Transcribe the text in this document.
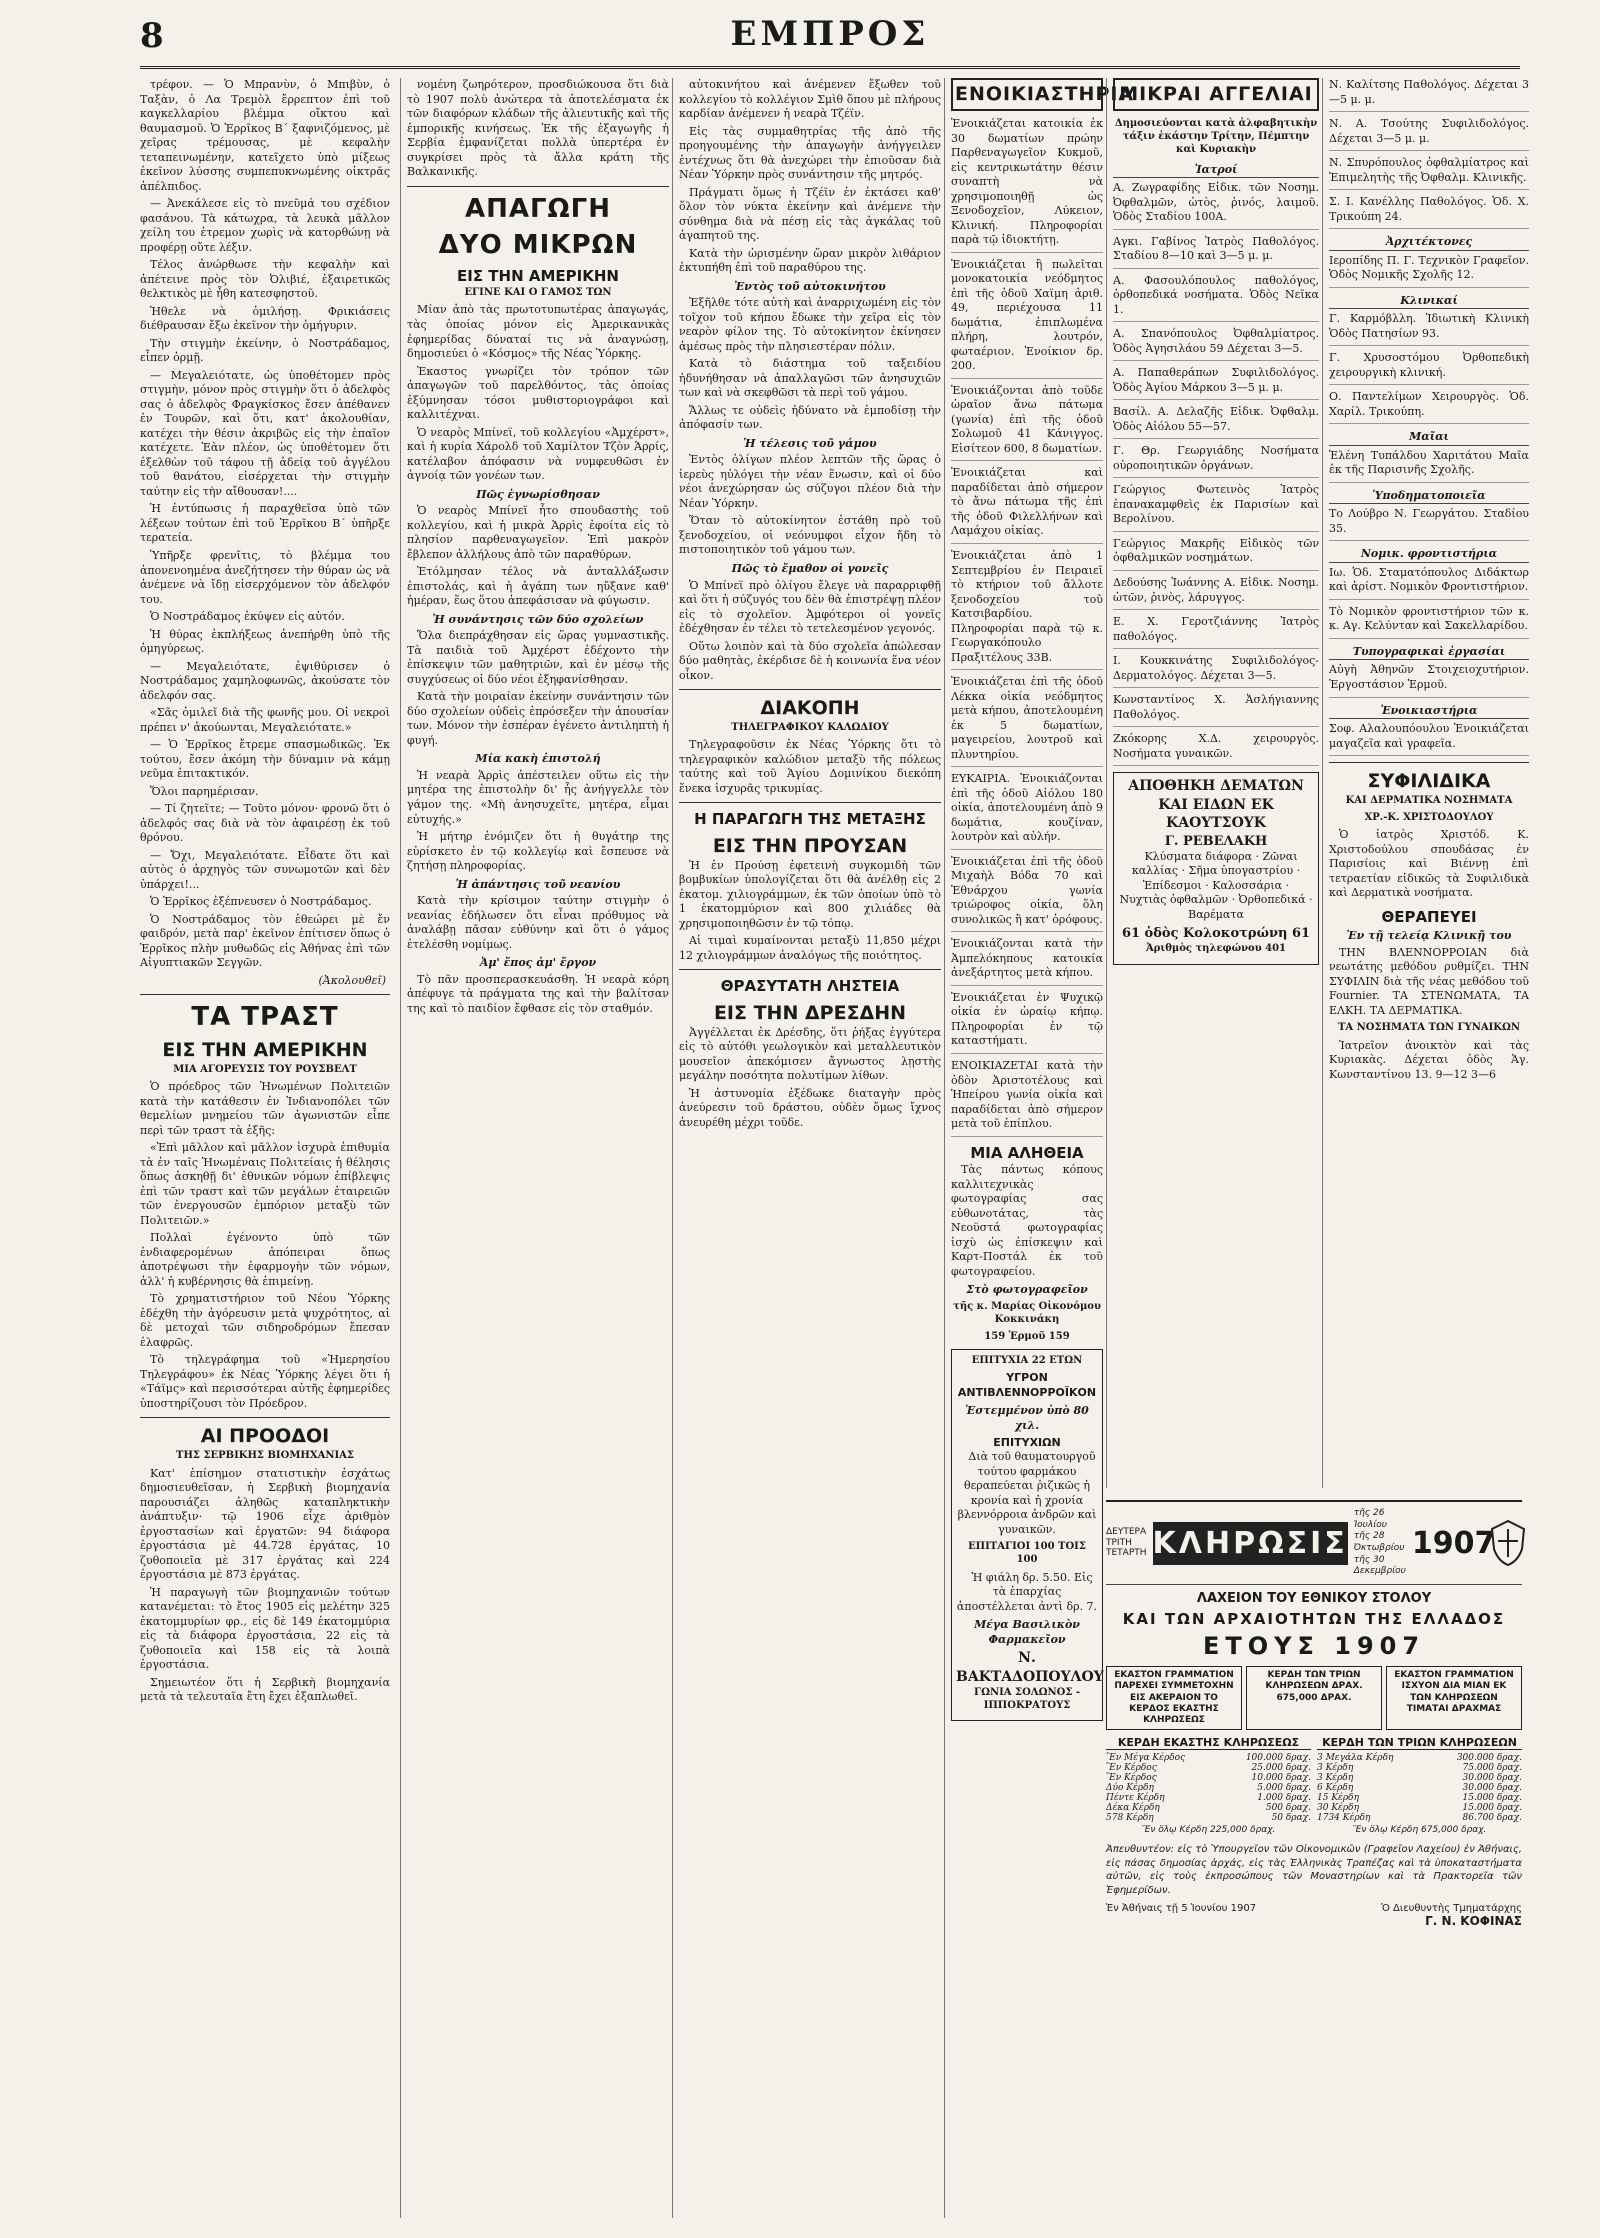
8	ΕΜΠΡΟΣ

τρέφον. — Ὁ Μπρανὺν, ὁ Μπιβὺν, ὁ Ταξὰν, ὁ Λα Τρεμὸλ ἔρρεπτον ἐπὶ τοῦ καγκελλαρίου βλέμμα οἴκτου καὶ θαυμασμοῦ. Ὁ Ἐρρῖκος Β΄ ξαφνιζόμενος, μὲ χεῖρας τρέμουσας, μὲ κεφαλὴν τεταπεινωμένην, κατεῖχετο ὑπὸ μίξεως ἐκεῖνον λύσσης συμπεπυκνωμένης οἰκτρᾶς ἀπέλπιδος.

— Ἀνεκάλεσε εἰς τὸ πνεῦμά του σχέδιον φασάνου. Τὰ κάτωχρα, τὰ λευκὰ μᾶλλον χείλη του ἐτρεμον χωρὶς νὰ κατορθώνῃ νὰ προφέρῃ οὔτε λέξιν.

Τέλος ἀνώρθωσε τὴν κεφαλὴν καὶ ἀπέτεινε πρὸς τὸν Ὀλιβιέ, ἐξαιρετικῶς θελκτικὸς μὲ ἦθη κατεσφηστοῦ.

Ἠθελε νὰ ὁμιλήσῃ. Φρικιάσεις διέθραυσαν ἔξω ἐκεῖνον τὴν ὁμήγυριν.

Τὴν στιγμὴν ἐκείνην, ὁ Νοστράδαμος, εἶπεν ὁρμῇ.

— Μεγαλειότατε, ὡς ὑποθέτομεν πρὸς στιγμὴν, μόνον πρὸς στιγμὴν ὅτι ὁ ἀδελφὸς σας ὁ ἀδελφὸς Φραγκίσκος ἔσεν ἀπέθανεν ἐν Τουρῶν, καὶ ὅτι, κατ' ἀκολουθίαν, κατέχει τὴν θέσιν ἀκριβῶς εἰς τὴν ἐπαῖον κατέχετε. Ἐὰν πλέον, ὡς ὑποθέτομεν ὅτι ἐξελθὼν τοῦ τάφου τῇ ἀδείᾳ τοῦ ἀγγέλου τοῦ θανάτου, εἰσέρχεται τὴν στιγμὴν ταύτην εἰς τὴν αἴθουσαν!....

Ἡ ἐντύπωσις ἡ παραχθεῖσα ὑπὸ τῶν λέξεων τούτων ἐπὶ τοῦ Ἐρρῖκου Β΄ ὑπῆρξε τερατεία.

Ὑπῆρξε φρενῖτις, τὸ βλέμμα του ἀπονενοημένα ἀνεζήτησεν τὴν θύραν ὡς νὰ ἀνέμενε νὰ ἴδῃ εἰσερχόμενον τὸν ἀδελφόν του.

Ὁ Νοστράδαμος ἐκύψεν εἰς αὐτόν.

Ἡ θύρας ἐκπλήξεως ἀνεπήρθη ὑπὸ τῆς ὁμηγύρεως.

— Μεγαλειότατε, ἐψιθύρισεν ὁ Νοστράδαμος χαμηλοφωνῶς, ἀκούσατε τὸν ἀδελφόν σας.

«Σᾶς ὁμιλεῖ διὰ τῆς φωνῆς μου. Οἱ νεκροὶ πρέπει ν' ἀκούωνται, Μεγαλειότατε.»

— Ὁ Ἐρρῖκος ἔτρεμε σπασμωδικῶς. Ἐκ τούτου, ἔσεν ἀκόμη τὴν δύναμιν νὰ κάμῃ νεῦμα ἐπιτακτικόν.

Ὅλοι παρημέρισαν.

— Τί ζητεῖτε; — Τοῦτο μόνον· φρονῶ ὅτι ὁ ἀδελφός σας διὰ νὰ τὸν ἀφαιρέσῃ ἐκ τοῦ θρόνου.

— Ὄχι, Μεγαλειότατε. Εἶδατε ὅτι καὶ αὐτὸς ὁ ἀρχηγὸς τῶν συνωμοτῶν καὶ δὲν ὑπάρχει!...

Ὁ Ἐρρῖκος ἐξέπνευσεν ὁ Νοστράδαμος.

Ὁ Νοστράδαμος τὸν ἐθεώρει μὲ ἔν φαιδρόν, μετὰ παρ' ἐκεῖνον ἐπίτισεν ὅπως ὁ Ἐρρῖκος πλὴν μυθωδῶς εἰς Ἀθήνας ἐπὶ τῶν Αἰγυπτιακῶν Σεγγῶν.

(Ἀκολουθεῖ)
ΤΑ ΤΡΑΣΤ
ΕΙΣ ΤΗΝ ΑΜΕΡΙΚΗΝ
ΜΙΑ ΑΓΟΡΕΥΣΙΣ ΤΟΥ ΡΟΥΣΒΕΛΤ

Ὁ πρόεδρος τῶν Ἡνωμένων Πολιτειῶν κατὰ τὴν κατάθεσιν ἐν Ἰνδιανοπόλει τῶν θεμελίων μνημείου τῶν ἀγωνιστῶν εἶπε περὶ τῶν τραστ τὰ ἐξῆς:

«Ἐπὶ μᾶλλον καὶ μᾶλλον ἰσχυρὰ ἐπιθυμία τὰ ἐν ταῖς Ἡνωμέναις Πολιτείαις ἡ θέλησις ὅπως ἀσκηθῇ δι' ἐθνικῶν νόμων ἐπίβλεψις ἐπὶ τῶν τραστ καὶ τῶν μεγάλων ἐταιρειῶν τῶν ἐνεργουσῶν ἐμπόριον μεταξὺ τῶν Πολιτειῶν.»

Πολλαὶ ἐγένοντο ὑπὸ τῶν ἐνδιαφερομένων ἀπόπειραι ὅπως ἀποτρέψωσι τὴν ἐφαρμογὴν τῶν νόμων, ἀλλ' ἡ κυβέρνησις θὰ ἐπιμείνῃ.

Τὸ χρηματιστήριον τοῦ Νέου Ὑόρκης ἐδέχθη τὴν ἀγόρευσιν μετὰ ψυχρότητος, αἱ δὲ μετοχαὶ τῶν σιδηροδρόμων ἔπεσαν ἐλαφρῶς.

Τὸ τηλεγράφημα τοῦ «Ἡμερησίου Τηλεγράφου» ἐκ Νέας Ὑόρκης λέγει ὅτι ἡ «Τάϊμς» καὶ περισσότεραι αὐτῆς ἐφημερίδες ὑποστηρίζουσι τὸν Πρόεδρον.

ΑΙ ΠΡΟΟΔΟΙ
ΤΗΣ ΣΕΡΒΙΚΗΣ ΒΙΟΜΗΧΑΝΙΑΣ

Κατ' ἐπίσημον στατιστικὴν ἐσχάτως δημοσιευθεῖσαν, ἡ Σερβικὴ βιομηχανία παρουσιάζει ἀληθῶς καταπληκτικὴν ἀνάπτυξιν· τῷ 1906 εἶχε ἀριθμὸν ἐργοστασίων καὶ ἐργατῶν: 94 διάφορα ἐργοστάσια μὲ 44.728 ἐργάτας, 10 ζυθοποιεῖα μὲ 317 ἐργάτας καὶ 224 ἐργοστάσια μὲ 873 ἐργάτας.

Ἡ παραγωγὴ τῶν βιομηχανιῶν τούτων κατανέμεται: τὸ ἔτος 1905 εἰς μελέτην 325 ἑκατομμυρίων φρ., εἰς δὲ 149 ἑκατομμύρια εἰς τὰ διάφορα ἐργοστάσια, 22 εἰς τὰ ζυθοποιεῖα καὶ 158 εἰς τὰ λοιπὰ ἐργοστάσια.

Σημειωτέον ὅτι ἡ Σερβικὴ βιομηχανία μετὰ τὰ τελευταῖα ἔτη ἔχει ἐξαπλωθεῖ.

νομένη ζωηρότερον, προσδιώκουσα ὅτι διὰ τὸ 1907 πολὺ ἀνώτερα τὰ ἀποτελέσματα ἐκ τῶν διαφόρων κλάδων τῆς ἀλιευτικῆς καὶ τῆς ἐμπορικῆς κινήσεως. Ἐκ τῆς ἐξαγωγῆς ἡ Σερβία ἐμφανίζεται πολλὰ ὑπερτέρα ἐν συγκρίσει πρὸς τὰ ἄλλα κράτη τῆς Βαλκανικῆς.

ΑΠΑΓΩΓΗ
ΔΥΟ ΜΙΚΡΩΝ
ΕΙΣ ΤΗΝ ΑΜΕΡΙΚΗΝ
ΕΓΙΝΕ ΚΑΙ Ο ΓΑΜΟΣ ΤΩΝ

Μίαν ἀπὸ τὰς πρωτοτυπωτέρας ἀπαγωγάς, τὰς ὁποίας μόνον εἰς Ἀμερικανικὰς ἐφημερίδας δύναταί τις νὰ ἀναγνώσῃ, δημοσιεύει ὁ «Κόσμος» τῆς Νέας Ὑόρκης.

Ἐκαστος γνωρίζει τὸν τρόπον τῶν ἀπαγωγῶν τοῦ παρελθόντος, τὰς ὁποίας ἐξύμνησαν τόσοι μυθιστοριογράφοι καὶ καλλιτέχναι.

Ὁ νεαρὸς Μπίνεϊ, τοῦ κολλεγίου «Ἀμχέρστ», καὶ ἡ κυρία Χάρολδ τοῦ Χαμίλτον Τζὸν Ἁρρίς, κατέλαβον ἀπόφασιν νὰ νυμφευθῶσι ἐν ἀγνοίᾳ τῶν γονέων των.

Πῶς ἐγνωρίσθησαν

Ὁ νεαρὸς Μπίνεϊ ἦτο σπουδαστὴς τοῦ κολλεγίου, καὶ ἡ μικρὰ Ἁρρὶς ἐφοίτα εἰς τὸ πλησίον παρθεναγωγεῖον. Ἐπὶ μακρὸν ἔβλεπον ἀλλήλους ἀπὸ τῶν παραθύρων.

Ἐτόλμησαν τέλος νὰ ἀνταλλάξωσιν ἐπιστολάς, καὶ ἡ ἀγάπη των ηὔξανε καθ' ἡμέραν, ἕως ὅτου ἀπεφάσισαν νὰ φύγωσιν.

Ἡ συνάντησις τῶν δύο σχολείων

Ὅλα διεπράχθησαν εἰς ὥρας γυμναστικῆς. Τὰ παιδιὰ τοῦ Ἀμχέρστ ἐδέχοντο τὴν ἐπίσκεψιν τῶν μαθητριῶν, καὶ ἐν μέσῳ τῆς συγχύσεως οἱ δύο νέοι ἐξηφανίσθησαν.

Κατὰ τὴν μοιραίαν ἐκείνην συνάντησιν τῶν δύο σχολείων οὐδεὶς ἐπρόσεξεν τὴν ἀπουσίαν των. Μόνον τὴν ἐσπέραν ἐγένετο ἀντιληπτὴ ἡ φυγή.

Μία κακὴ ἐπιστολή

Ἡ νεαρὰ Ἁρρὶς ἀπέστειλεν οὕτω εἰς τὴν μητέρα της ἐπιστολὴν δι' ἧς ἀνήγγελλε τὸν γάμον της. «Μὴ ἀνησυχεῖτε, μητέρα, εἶμαι εὐτυχής.»

Ἡ μήτηρ ἐνόμιζεν ὅτι ἡ θυγάτηρ της εὑρίσκετο ἐν τῷ κολλεγίῳ καὶ ἔσπευσε νὰ ζητήσῃ πληροφορίας.

Ἡ ἀπάντησις τοῦ νεανίου

Κατὰ τὴν κρίσιμον ταύτην στιγμὴν ὁ νεανίας ἐδήλωσεν ὅτι εἶναι πρόθυμος νὰ ἀναλάβῃ πᾶσαν εὐθύνην καὶ ὅτι ὁ γάμος ἐτελέσθη νομίμως.

Ἀμ' ἔπος ἀμ' ἔργον

Τὸ πᾶν προσπερασκευάσθη. Ἡ νεαρὰ κόρη ἀπέφυγε τὰ πράγματα της καὶ τὴν βαλίτσαν της καὶ τὸ παιδίον ἔφθασε εἰς τὸν σταθμόν.

αὐτοκινήτου καὶ ἀνέμενεν ἔξωθεν τοῦ κολλεγίου τὸ κολλέγιον Σμὶθ ὅπου μὲ πλήρους καρδίαν ἀνέμενεν ἡ νεαρὰ Τζέϊν.

Εἰς τὰς συμμαθητρίας τῆς ἀπὸ τῆς προηγουμένης τὴν ἀπαγωγὴν ἀνήγγειλεν ἐντέχνως ὅτι θὰ ἀνεχώρει τὴν ἐπιοῦσαν διὰ Νέαν Ὑόρκην πρὸς συνάντησιν τῆς μητρός.

Πράγματι ὅμως ἡ Τζέϊν ἐν ἐκτάσει καθ' ὅλον τὸν νύκτα ἐκείνην καὶ ἀνέμενε τὴν σύνθημα διὰ νὰ πέσῃ εἰς τὰς ἀγκάλας τοῦ ἀγαπητοῦ της.

Κατὰ τὴν ὡρισμένην ὥραν μικρὸν λιθάριον ἐκτυπήθη ἐπὶ τοῦ παραθύρου της.

Ἐντὸς τοῦ αὐτοκινήτου

Ἐξῆλθε τότε αὐτὴ καὶ ἀναρριχωμένη εἰς τὸν τοῖχον τοῦ κήπου ἔδωκε τὴν χεῖρα εἰς τὸν νεαρὸν φίλον της. Τὸ αὐτοκίνητον ἐκίνησεν ἀμέσως πρὸς τὴν πλησιεστέραν πόλιν.

Κατὰ τὸ διάστημα τοῦ ταξειδίου ἠδυνήθησαν νὰ ἀπαλλαγῶσι τῶν ἀνησυχιῶν των καὶ νὰ σκεφθῶσι τὰ περὶ τοῦ γάμου.

Ἄλλως τε οὐδεὶς ἠδύνατο νὰ ἐμποδίσῃ τὴν ἀπόφασίν των.

Ἡ τέλεσις τοῦ γάμου

Ἐντὸς ὀλίγων πλέον λεπτῶν τῆς ὥρας ὁ ἱερεὺς ηὐλόγει τὴν νέαν ἕνωσιν, καὶ οἱ δύο νέοι ἀνεχώρησαν ὡς σύζυγοι πλέον διὰ τὴν Νέαν Ὑόρκην.

Ὅταν τὸ αὐτοκίνητον ἐστάθη πρὸ τοῦ ξενοδοχείου, οἱ νεόνυμφοι εἶχον ἤδη τὸ πιστοποιητικὸν τοῦ γάμου των.

Πῶς τὸ ἔμαθον οἱ γονεῖς

Ὁ Μπίνεϊ πρὸ ὀλίγου ἔλεγε νὰ παραρριφθῇ καὶ ὅτι ἡ σύζυγός του δὲν θὰ ἐπιστρέψῃ πλέον εἰς τὸ σχολεῖον. Ἀμφότεροι οἱ γονεῖς ἐδέχθησαν ἐν τέλει τὸ τετελεσμένον γεγονός.

Οὕτω λοιπὸν καὶ τὰ δύο σχολεῖα ἀπώλεσαν δύο μαθητὰς, ἐκέρδισε δὲ ἡ κοινωνία ἕνα νέον οἶκον.

ΔΙΑΚΟΠΗ
ΤΗΛΕΓΡΑΦΙΚΟΥ ΚΑΛΩΔΙΟΥ

Τηλεγραφοῦσιν ἐκ Νέας Ὑόρκης ὅτι τὸ τηλεγραφικὸν καλώδιον μεταξὺ τῆς πόλεως ταύτης καὶ τοῦ Ἁγίου Δομινίκου διεκόπη ἕνεκα ἰσχυρᾶς τρικυμίας.

Η ΠΑΡΑΓΩΓΗ ΤΗΣ ΜΕΤΑΞΗΣ
ΕΙΣ ΤΗΝ ΠΡΟΥΣΑΝ

Ἡ ἐν Προύσῃ ἐφετεινὴ συγκομιδὴ τῶν βομβυκίων ὑπολογίζεται ὅτι θὰ ἀνέλθῃ εἰς 2 ἑκατομ. χιλιογράμμων, ἐκ τῶν ὁποίων ὑπὸ τὸ 1 ἑκατομμύριον καὶ 800 χιλιάδες θὰ χρησιμοποιηθῶσιν ἐν τῷ τόπῳ.

Αἱ τιμαὶ κυμαίνονται μεταξὺ 11,850 μέχρι 12 χιλιογράμμων ἀναλόγως τῆς ποιότητος.

ΘΡΑΣΥΤΑΤΗ ΛΗΣΤΕΙΑ
ΕΙΣ ΤΗΝ ΔΡΕΣΔΗΝ

Ἀγγέλλεται ἐκ Δρέσδης, ὅτι ῥήξας ἐγγύτερα εἰς τὸ αὐτόθι γεωλογικὸν καὶ μεταλλευτικὸν μουσεῖον ἀπεκόμισεν ἄγνωστος λῃστὴς μεγάλην ποσότητα πολυτίμων λίθων.

Ἡ ἀστυνομία ἐξέδωκε διαταγὴν πρὸς ἀνεύρεσιν τοῦ δράστου, οὐδὲν ὅμως ἴχνος ἀνευρέθη μέχρι τοῦδε.

ΕΝΟΙΚΙΑΣΤΗΡΙΑ
Ἐνοικιάζεται κατοικία ἐκ 30 δωματίων πρώην Παρθεναγωγεῖον Κυκμοῦ, εἰς κεντρικωτάτην θέσιν συναπτὴ νὰ χρησιμοποιηθῇ ὡς Ξενοδοχεῖον, Λύκειον, Κλινική. Πληροφορίαι παρὰ τῷ ἰδιοκτήτῃ.
Ἐνοικιάζεται ἢ πωλεῖται μονοκατοικία νεόδμητος ἐπὶ τῆς ὁδοῦ Χαϊμη ἀριθ. 49, περιέχουσα 11 δωμάτια, ἐπιπλωμένα πλήρη, λουτρόν, φωταέριον. Ἐνοίκιον δρ. 200.
Ἐνοικιάζονται ἀπὸ τοῦδε ὡραῖον ἄνω πάτωμα (γωνία) ἐπὶ τῆς ὁδοῦ Σολωμοῦ 41 Κάνιγγος. Εἰσίτεον 600, 8 δωματίων.
Ἐνοικιάζεται καὶ παραδίδεται ἀπὸ σήμερον τὸ ἄνω πάτωμα τῆς ἐπὶ τῆς ὁδοῦ Φιλελλήνων καὶ Λαμάχου οἰκίας.
Ἐνοικιάζεται ἀπὸ 1 Σεπτεμβρίου ἐν Πειραιεῖ τὸ κτήριον τοῦ ἄλλοτε ξενοδοχείου τοῦ Κατσιβαρδίου. Πληροφορίαι παρὰ τῷ κ. Γεωργακόπουλο Πραξιτέλους 33Β.
Ἐνοικιάζεται ἐπὶ τῆς ὁδοῦ Λέκκα οἰκία νεόδμητος μετὰ κήπου, ἀποτελουμένη ἐκ 5 δωματίων, μαγειρείου, λουτροῦ καὶ πλυντηρίου.
ΕΥΚΑΙΡΙΑ. Ἐνοικιάζονται ἐπὶ τῆς ὁδοῦ Αἰόλου 180 οἰκία, ἀποτελουμένη ἀπὸ 9 δωμάτια, κουζίναν, λουτρὸν καὶ αὐλήν.
Ἐνοικιάζεται ἐπὶ τῆς ὁδοῦ Μιχαὴλ Βόδα 70 καὶ Ἐθνάρχου γωνία τριώροφος οἰκία, ὅλη συνολικῶς ἢ κατ' ὀρόφους.
Ἐνοικιάζονται κατὰ τὴν Ἀμπελόκηπους κατοικία ἀνεξάρτητος μετὰ κήπου.
Ἐνοικιάζεται ἐν Ψυχικῷ οἰκία ἐν ὡραίῳ κήπῳ. Πληροφορίαι ἐν τῷ καταστήματι.
ΕΝΟΙΚΙΑΖΕΤΑΙ κατὰ τὴν ὁδὸν Ἀριστοτέλους καὶ Ἡπείρου γωνία οἰκία καὶ παραδίδεται ἀπὸ σήμερον μετὰ τοῦ ἐπίπλου.
ΜΙΑ ΑΛΗΘΕΙΑ

Τὰς πάντως κόπους καλλιτεχνικὰς φωτογραφίας σας εὑθωνοτάτας, τὰς Νεοϋστά φωτογραφίας ἰσχὺ ὡς ἐπίσκεψιν καὶ Καρτ-Ποστάλ ἐκ τοῦ φωτογραφείου.

Στὸ φωτογραφεῖον
τῆς κ. Μαρίας Οἰκονόμου Κοκκινάκη
159 Ἑρμοῦ 159
ΕΠΙΤΥΧΙΑ 22 ΕΤΩΝ
ΥΓΡΟΝ ΑΝΤΙΒΛΕΝΝΟΡΡΟΪΚΟΝ
Ἐστεμμένον ὑπὸ 80 χιλ.
ΕΠΙΤΥΧΙΩΝ

Διὰ τοῦ θαυματουργοῦ τούτου φαρμάκου θεραπεύεται ῥιζικῶς ἡ κρονία καὶ ἡ χρονία βλεννόρροια ἀνδρῶν καὶ γυναικῶν.

ΕΠΙΤΑΓΙΟΙ 100 ΤΟΙΣ 100

Ἡ φιάλη δρ. 5.50. Εἰς τὰ ἐπαρχίας ἀποστέλλεται ἀντὶ δρ. 7.

Μέγα Βασιλικὸν Φαρμακεῖον
Ν. ΒΑΚΤΑΔΟΠΟΥΛΟΥ
ΓΩΝΙΑ ΣΟΛΩΝΟΣ - ΙΠΠΟΚΡΑΤΟΥΣ
ΜΙΚΡΑΙ ΑΓΓΕΛΙΑΙ
Δημοσιεύονται κατὰ ἀλφαβητικὴν τάξιν ἑκάστην Τρίτην, Πέμπτην καὶ Κυριακὴν
Ἰατροί
Α. Ζωγραφίδης Εἰδικ. τῶν Νοσημ. Ὀφθαλμῶν, ὠτὸς, ῥινός, λαιμοῦ. Ὁδὸς Σταδίου 100Α.
Αγκι. Γαβίνος Ἰατρὸς Παθολόγος. Σταδίου 8—10 καὶ 3—5 μ. μ.
Α. Φασουλόπουλος παθολόγος, ὀρθοπεδικά νοσήματα. Ὁδὸς Νεῖκα 1.
Α. Σπανόπουλος Ὀφθαλμίατρος. Ὁδὸς Ἀγησιλάου 59 Δέχεται 3—5.
Α. Παπαθεράπων Συφιλιδολόγος. Ὁδὸς Ἀγίου Μάρκου 3—5 μ. μ.
Βασίλ. Α. Δελαζῆς Εἰδικ. Ὀφθαλμ. Ὁδὸς Αἰόλου 55—57.
Γ. Θρ. Γεωργιάδης Νοσήματα οὐροποιητικῶν ὀργάνων.
Γεώργιος Φωτεινὸς Ἰατρὸς ἐπανακαμφθεὶς ἐκ Παρισίων καὶ Βερολίνου.
Γεώργιος Μακρῆς Εἰδικὸς τῶν ὀφθαλμικῶν νοσημάτων.
Δεδούσης Ἰωάννης Α. Εἰδικ. Νοσημ. ὠτῶν, ῥινὸς, λάρυγγος.
Ε. Χ. Γεροτζιάννης Ἰατρὸς παθολόγος.
Ι. Κουκκινάτης Συφιλιδολόγος-Δερματολόγος. Δέχεται 3—5.
Κωνσταντίνος Χ. Ἀσλήγιαννης Παθολόγος.
Ζκόκορης Χ.Δ. χειρουργὸς. Νοσήματα γυναικῶν.
ΑΠΟΘΗΚΗ ΔΕΜΑΤΩΝ
ΚΑΙ ΕΙΔΩΝ ΕΚ ΚΑΟΥΤΣΟΥΚ
Γ. ΡΕΒΕΛΑΚΗ

Κλύσματα διάφορα · Ζῶναι καλλίας · Σῆμα ὑπογαστρίου · Ἐπίδεσμοι · Καλοσσάρια · Νυχτιὰς ὀφθαλμῶν · Ὀρθοπεδικά · Βαρέματα

61 ὁδὸς Κολοκοτρώνη 61
Ἀριθμὸς τηλεφώνου 401
Ν. Καλίτσης Παθολόγος. Δέχεται 3—5 μ. μ.
Ν. Α. Τσούτης Συφιλιδολόγος. Δέχεται 3—5 μ. μ.
Ν. Σπυρόπουλος ὀφθαλμίατρος καὶ Ἐπιμελητὴς τῆς Ὀφθαλμ. Κλινικῆς.
Σ. Ι. Κανέλλης Παθολόγος. Ὁδ. Χ. Τρικούπη 24.
Ἀρχιτέκτονες
Ιεροπίδης Π. Γ. Τεχνικὸν Γραφεῖον. Ὁδὸς Νομικῆς Σχολῆς 12.
Κλινικαί
Γ. Καρμόβλλη. Ἰδιωτικὴ Κλινικὴ Ὁδὸς Πατησίων 93.
Γ. Χρυσοστόμου Ὀρθοπεδικὴ χειρουργικὴ κλινική.
Ο. Παντελίμων Χειρουργὸς. Ὁδ. Χαρίλ. Τρικούπη.
Μαῖαι
Ἑλένη Τυπάλδου Χαριτάτου Μαῖα ἐκ τῆς Παρισινῆς Σχολῆς.
Ὑποδηματοποιεῖα
Το Λούβρο Ν. Γεωργάτου. Σταδίου 35.
Νομικ. φροντιστήρια
Ιω. Ὁδ. Σταματόπουλος Διδάκτωρ καὶ ἀρίστ. Νομικὸν Φροντιστήριον.
Τὸ Νομικὸν φροντιστήριον τῶν κ. κ. Αγ. Κελύνταν καὶ Σακελλαρίδου.
Τυπογραφικαὶ ἐργασίαι
Αὐγὴ Ἀθηνῶν Στοιχειοχυτήριον. Ἐργοστάσιον Ἑρμοῦ.
Ἐνοικιαστήρια
Σοφ. Αλαλουπόουλου Ἐνοικιάζεται μαγαζεῖα καὶ γραφεῖα.
ΣΥΦΙΛΙΔΙΚΑ
ΚΑΙ ΔΕΡΜΑΤΙΚΑ ΝΟΣΗΜΑΤΑ
ΧΡ.-Κ. ΧΡΙΣΤΟΔΟΥΛΟΥ

Ὁ ἰατρὸς Χριστόδ. Κ. Χριστοδούλου σπουδάσας ἐν Παρισίοις καὶ Βιέννῃ ἐπὶ τετραετίαν εἰδικῶς τὰ Συφιλιδικὰ καὶ Δερματικὰ νοσήματα.

ΘΕΡΑΠΕΥΕΙ
Ἐν τῇ τελείᾳ Κλινικῇ του

ΤΗΝ ΒΛΕΝΝΟΡΡΟΙΑΝ διὰ νεωτάτης μεθόδου ρυθμίζει. ΤΗΝ ΣΥΦΙΛΙΝ διὰ τῆς νέας μεθόδου τοῦ Fournier. ΤΑ ΣΤΕΝΩΜΑΤΑ, ΤΑ ΕΛΚΗ. ΤΑ ΔΕΡΜΑΤΙΚΑ.

ΤΑ ΝΟΣΗΜΑΤΑ ΤΩΝ ΓΥΝΑΙΚΩΝ

Ἰατρεῖον ἀνοικτὸν καὶ τὰς Κυριακὰς. Δέχεται ὁδὸς Ἁγ. Κωνσταντίνου 13. 9—12 3—6

ΔΕΥΤΕΡΑ
ΤΡΙΤΗ
ΤΕΤΑΡΤΗ ΚΛΗΡΩΣΙΣ
τῆς 26 Ἰουλίου
τῆς 28 Ὀκτωβρίου
τῆς 30 Δεκεμβρίου
1907
ΛΑΧΕΙΟΝ ΤΟΥ ΕΘΝΙΚΟΥ ΣΤΟΛΟΥ
ΚΑΙ ΤΩΝ ΑΡΧΑΙΟΤΗΤΩΝ ΤΗΣ ΕΛΛΑΔΟΣ
ΕΤΟΥΣ 1907
ΕΚΑΣΤΟΝ ΓΡΑΜΜΑΤΙΟΝ ΠΑΡΕΧΕΙ ΣΥΜΜΕΤΟΧΗΝ ΕΙΣ ΑΚΕΡΑΙΟΝ ΤΟ ΚΕΡΔΟΣ ΕΚΑΣΤΗΣ ΚΛΗΡΩΣΕΩΣ
ΚΕΡΔΗ ΤΩΝ ΤΡΙΩΝ ΚΛΗΡΩΣΕΩΝ ΔΡΑΧ. 675,000 ΔΡΑΧ.
ΕΚΑΣΤΟΝ ΓΡΑΜΜΑΤΙΟΝ ΙΣΧΥΟΝ ΔΙΑ ΜΙΑΝ ΕΚ ΤΩΝ ΚΛΗΡΩΣΕΩΝ ΤΙΜΑΤΑΙ ΔΡΑΧΜΑΣ
ΚΕΡΔΗ ΕΚΑΣΤΗΣ ΚΛΗΡΩΣΕΩΣ
Ἓν Μέγα Κέρδος	100.000 δραχ.
Ἓν Κέρδος	25.000 δραχ.
Ἓν Κέρδος	10.000 δραχ.
Δύο Κέρδη	5.000 δραχ.
Πέντε Κέρδη	1.000 δραχ.
Δέκα Κέρδη	500 δραχ.
578 Κέρδη	50 δραχ.
Ἓν ὅλῳ Κέρδη 225,000 δραχ.
ΚΕΡΔΗ ΤΩΝ ΤΡΙΩΝ ΚΛΗΡΩΣΕΩΝ
3 Μεγάλα Κέρδη	300.000 δραχ.
3 Κέρδη	75.000 δραχ.
3 Κέρδη	30.000 δραχ.
6 Κέρδη	30.000 δραχ.
15 Κέρδη	15.000 δραχ.
30 Κέρδη	15.000 δραχ.
1734 Κέρδη	86.700 δραχ.
Ἓν ὅλῳ Κέρδη 675,000 δραχ.
Ἀπευθυντέον: εἰς τὸ Ὑπουργεῖον τῶν Οἰκονομικῶν (Γραφεῖον Λαχείου) ἐν Ἀθήναις, εἰς πάσας δημοσίας ἀρχάς, εἰς τὰς Ἑλληνικὰς Τραπέζας καὶ τὰ ὑποκαταστήματα αὐτῶν, εἰς τοὺς ἐκπροσώπους τῶν Μοναστηρίων καὶ τὰ Πρακτορεῖα τῶν Ἐφημερίδων.
Ἐν Ἀθήναις τῇ 5 Ἰουνίου 1907	Ὁ Διευθυντὴς Τμηματάρχης
Γ. Ν. ΚΟΦΙΝΑΣ
